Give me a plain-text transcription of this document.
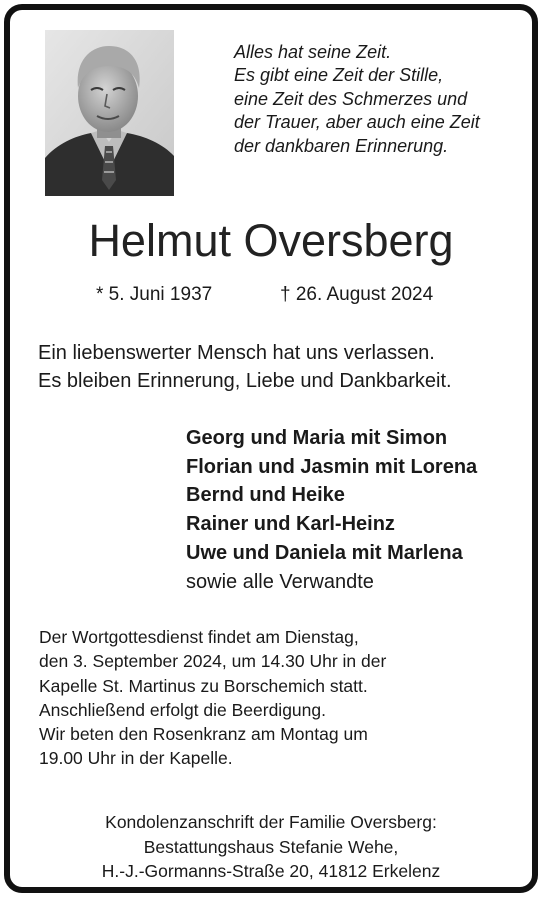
Alles hat seine Zeit.
Es gibt eine Zeit der Stille,
eine Zeit des Schmerzes und
der Trauer, aber auch eine Zeit
der dankbaren Erinnerung.
Helmut Oversberg
* 5. Juni 1937	† 26. August 2024
Ein liebenswerter Mensch hat uns verlassen.
Es bleiben Erinnerung, Liebe und Dankbarkeit.
Georg und Maria mit Simon
Florian und Jasmin mit Lorena
Bernd und Heike
Rainer und Karl-Heinz
Uwe und Daniela mit Marlena
sowie alle Verwandte
Der Wortgottesdienst findet am Dienstag,
den 3. September 2024, um 14.30 Uhr in der
Kapelle St. Martinus zu Borschemich statt.
Anschließend erfolgt die Beerdigung.
Wir beten den Rosenkranz am Montag um
19.00 Uhr in der Kapelle.
Kondolenzanschrift der Familie Oversberg:
Bestattungshaus Stefanie Wehe,
H.-J.-Gormanns-Straße 20, 41812 Erkelenz
